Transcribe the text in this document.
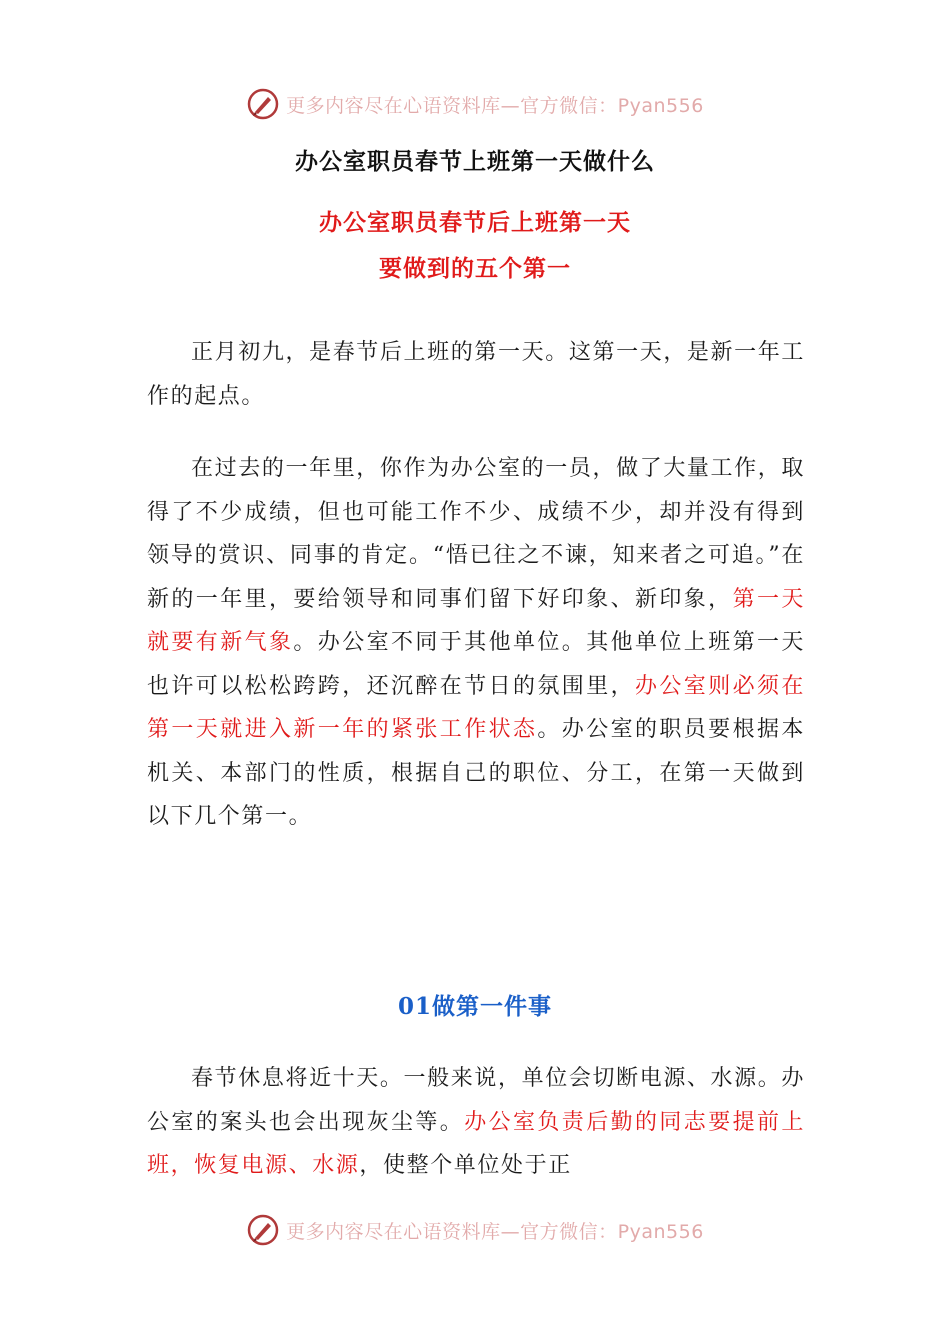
更多内容尽在心语资料库—官方微信：Pyan556
办公室职员春节上班第一天做什么
办公室职员春节后上班第一天
要做到的五个第一

正月初九，是春节后上班的第一天。这第一天，是新一年工作的起点。

在过去的一年里，你作为办公室的一员，做了大量工作，取得了不少成绩，但也可能工作不少、成绩不少，却并没有得到领导的赏识、同事的肯定。“悟已往之不谏，知来者之可追。”在新的一年里，要给领导和同事们留下好印象、新印象，第一天就要有新气象。办公室不同于其他单位。其他单位上班第一天也许可以松松跨跨，还沉醉在节日的氛围里，办公室则必须在第一天就进入新一年的紧张工作状态。办公室的职员要根据本机关、本部门的性质，根据自己的职位、分工，在第一天做到以下几个第一。

01做第一件事

春节休息将近十天。一般来说，单位会切断电源、水源。办公室的案头也会出现灰尘等。办公室负责后勤的同志要提前上班，恢复电源、水源，使整个单位处于正

更多内容尽在心语资料库—官方微信：Pyan556
